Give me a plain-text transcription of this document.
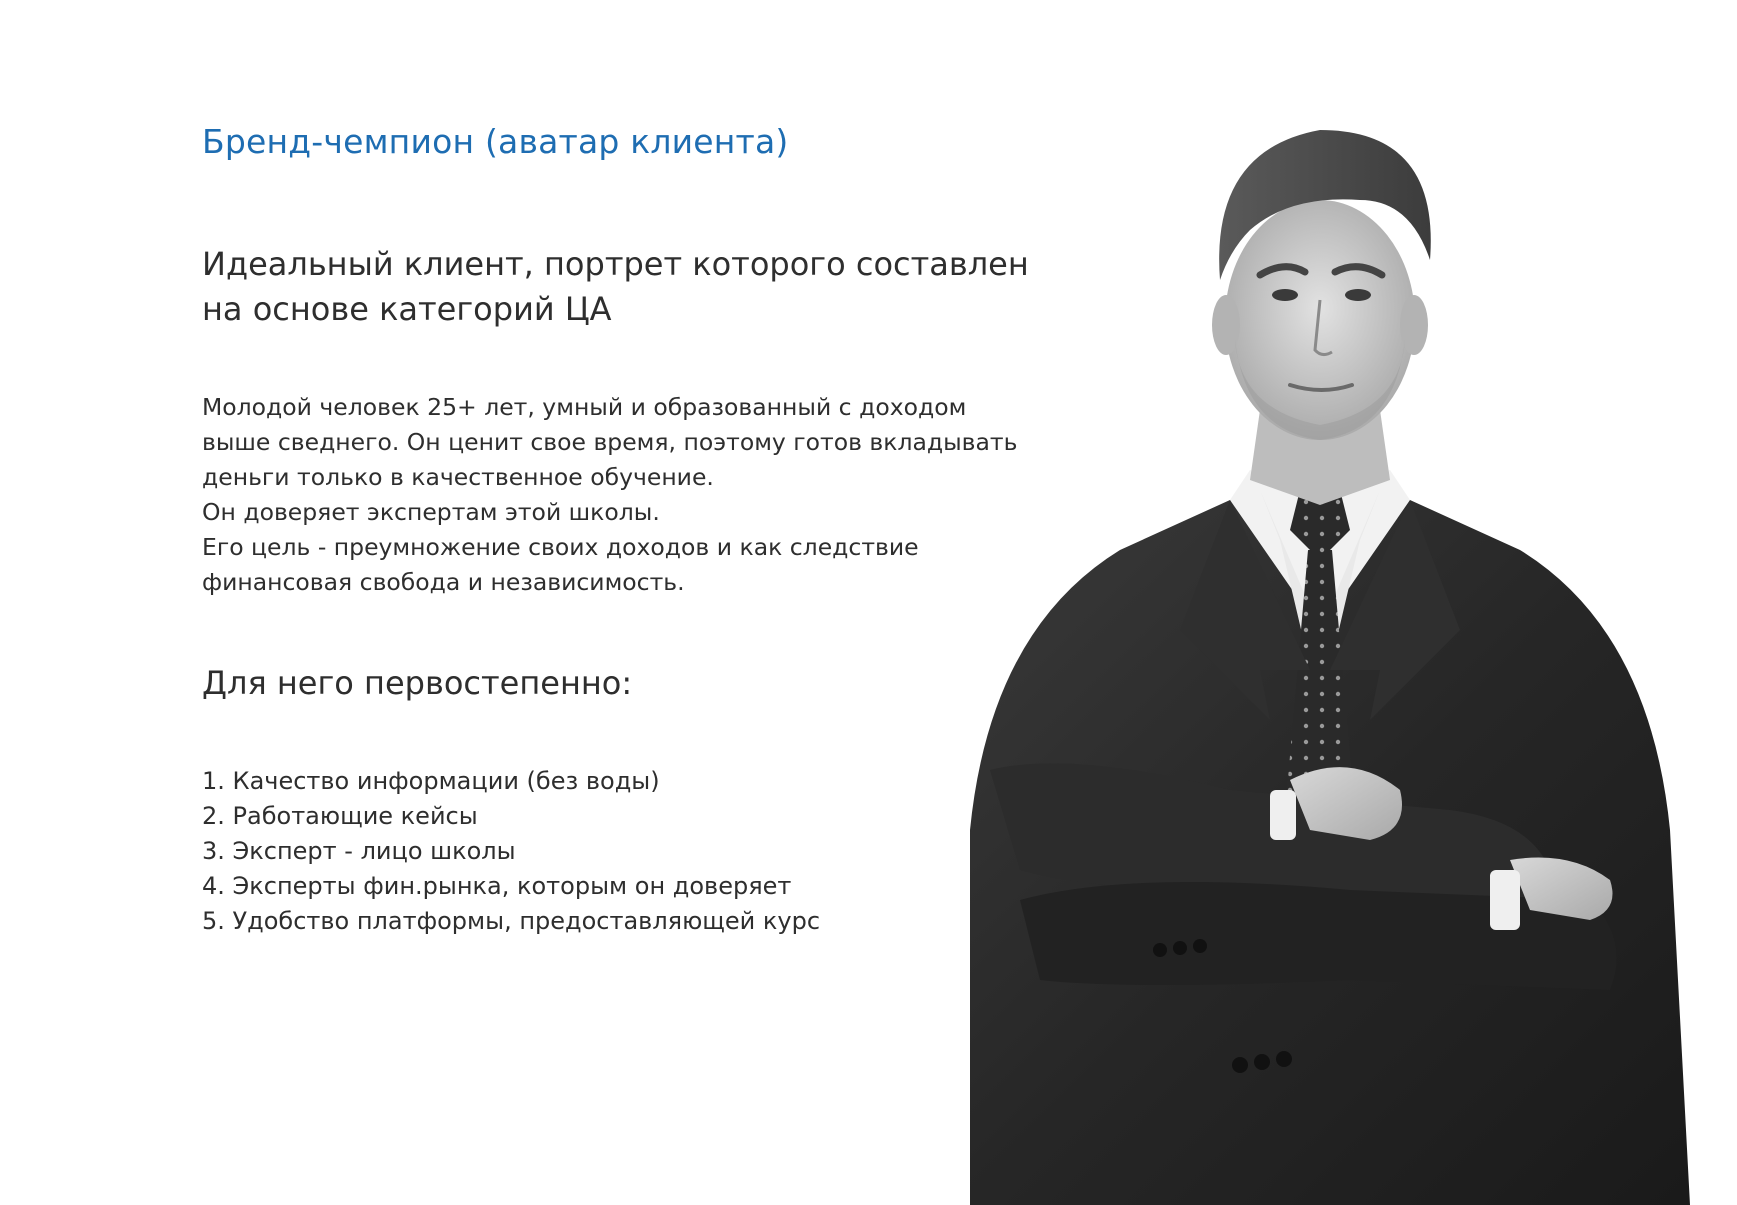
Бренд-чемпион (аватар клиента)
Идеальный клиент, портрет которого составлен
на основе категорий ЦА
Молодой человек 25+ лет, умный и образованный с доходом
выше сведнего. Он ценит свое время, поэтому готов вкладывать
деньги только в качественное обучение.
Он доверяет экспертам этой школы.
Его цель - преумножение своих доходов и как следствие
финансовая свобода и независимость.
Для него первостепенно:
1. Качество информации (без воды)
2. Работающие кейсы
3. Эксперт - лицо школы
4. Эксперты фин.рынка, которым он доверяет
5. Удобство платформы, предоставляющей курс
